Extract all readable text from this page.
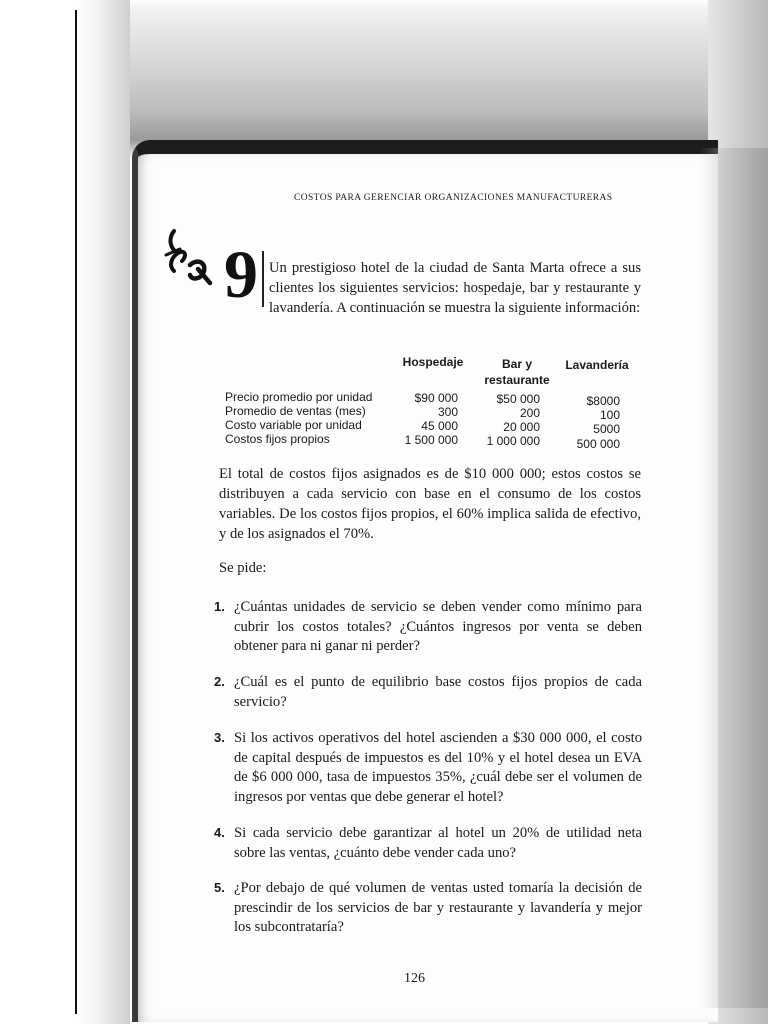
COSTOS PARA GERENCIAR ORGANIZACIONES MANUFACTURERAS
9 Un prestigioso hotel de la ciudad de Santa Marta ofrece a sus clientes los siguientes servicios: hospedaje, bar y restaurante y lavandería. A continuación se muestra la siguiente información:
Hospedaje	Bar y restaurante
Lavandería
Precio promedio por unidad
Promedio de ventas (mes)
Costo variable por unidad
Costos fijos propios
$90 000
300
45 000
1 500 000
$50 000
200
20 000
1 000 000
$8000
100
5000
500 000
El total de costos fijos asignados es de $10 000 000; estos costos se distribuyen a cada servicio con base en el consumo de los costos variables. De los costos fijos propios, el 60% implica salida de efectivo, y de los asignados el 70%.
Se pide:
1. ¿Cuántas unidades de servicio se deben vender como mínimo para cubrir los costos totales? ¿Cuántos ingresos por venta se deben obtener para ni ganar ni perder?
2. ¿Cuál es el punto de equilibrio base costos fijos propios de cada servicio?
3. Si los activos operativos del hotel ascienden a $30 000 000, el costo de capital después de impuestos es del 10% y el hotel desea un EVA de $6 000 000, tasa de impuestos 35%, ¿cuál debe ser el volumen de ingresos por ventas que debe generar el hotel?
4. Si cada servicio debe garantizar al hotel un 20% de utilidad neta sobre las ventas, ¿cuánto debe vender cada uno?
5. ¿Por debajo de qué volumen de ventas usted tomaría la decisión de prescindir de los servicios de bar y restaurante y lavandería y mejor los subcontrataría?
126
